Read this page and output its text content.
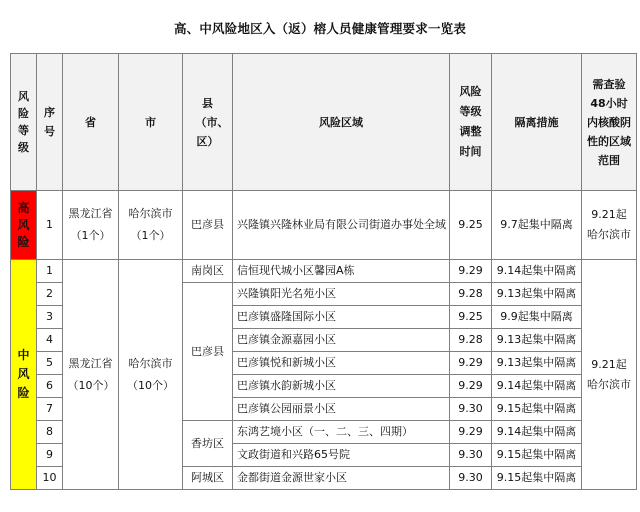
高、中风险地区入（返）榕人员健康管理要求一览表
风险等级	序号	省	市	县（市、区）	风险区域	风险等级调整时间	隔离措施	需查验48小时内核酸阴性的区域范围
高风险	1	黑龙江省（1个）	哈尔滨市（1个）	巴彦县	兴隆镇兴隆林业局有限公司街道办事处全域	9.25	9.7起集中隔离	9.21起哈尔滨市
中风险	1	黑龙江省（10个）	哈尔滨市（10个）	南岗区	信恒现代城小区馨园A栋	9.29	9.14起集中隔离	9.21起哈尔滨市
	2			巴彦县	兴隆镇阳光名苑小区	9.28	9.13起集中隔离	
	3				巴彦镇盛隆国际小区	9.25	9.9起集中隔离	
	4				巴彦镇金源嘉园小区	9.28	9.13起集中隔离	
	5				巴彦镇悦和新城小区	9.29	9.13起集中隔离	
	6				巴彦镇水韵新城小区	9.29	9.14起集中隔离	
	7				巴彦镇公园丽景小区	9.30	9.15起集中隔离	
	8			香坊区	东鸿艺境小区（一、二、三、四期）	9.29	9.14起集中隔离	
	9				文政街道和兴路65号院	9.30	9.15起集中隔离	
	10			阿城区	金都街道金源世家小区	9.30	9.15起集中隔离	
